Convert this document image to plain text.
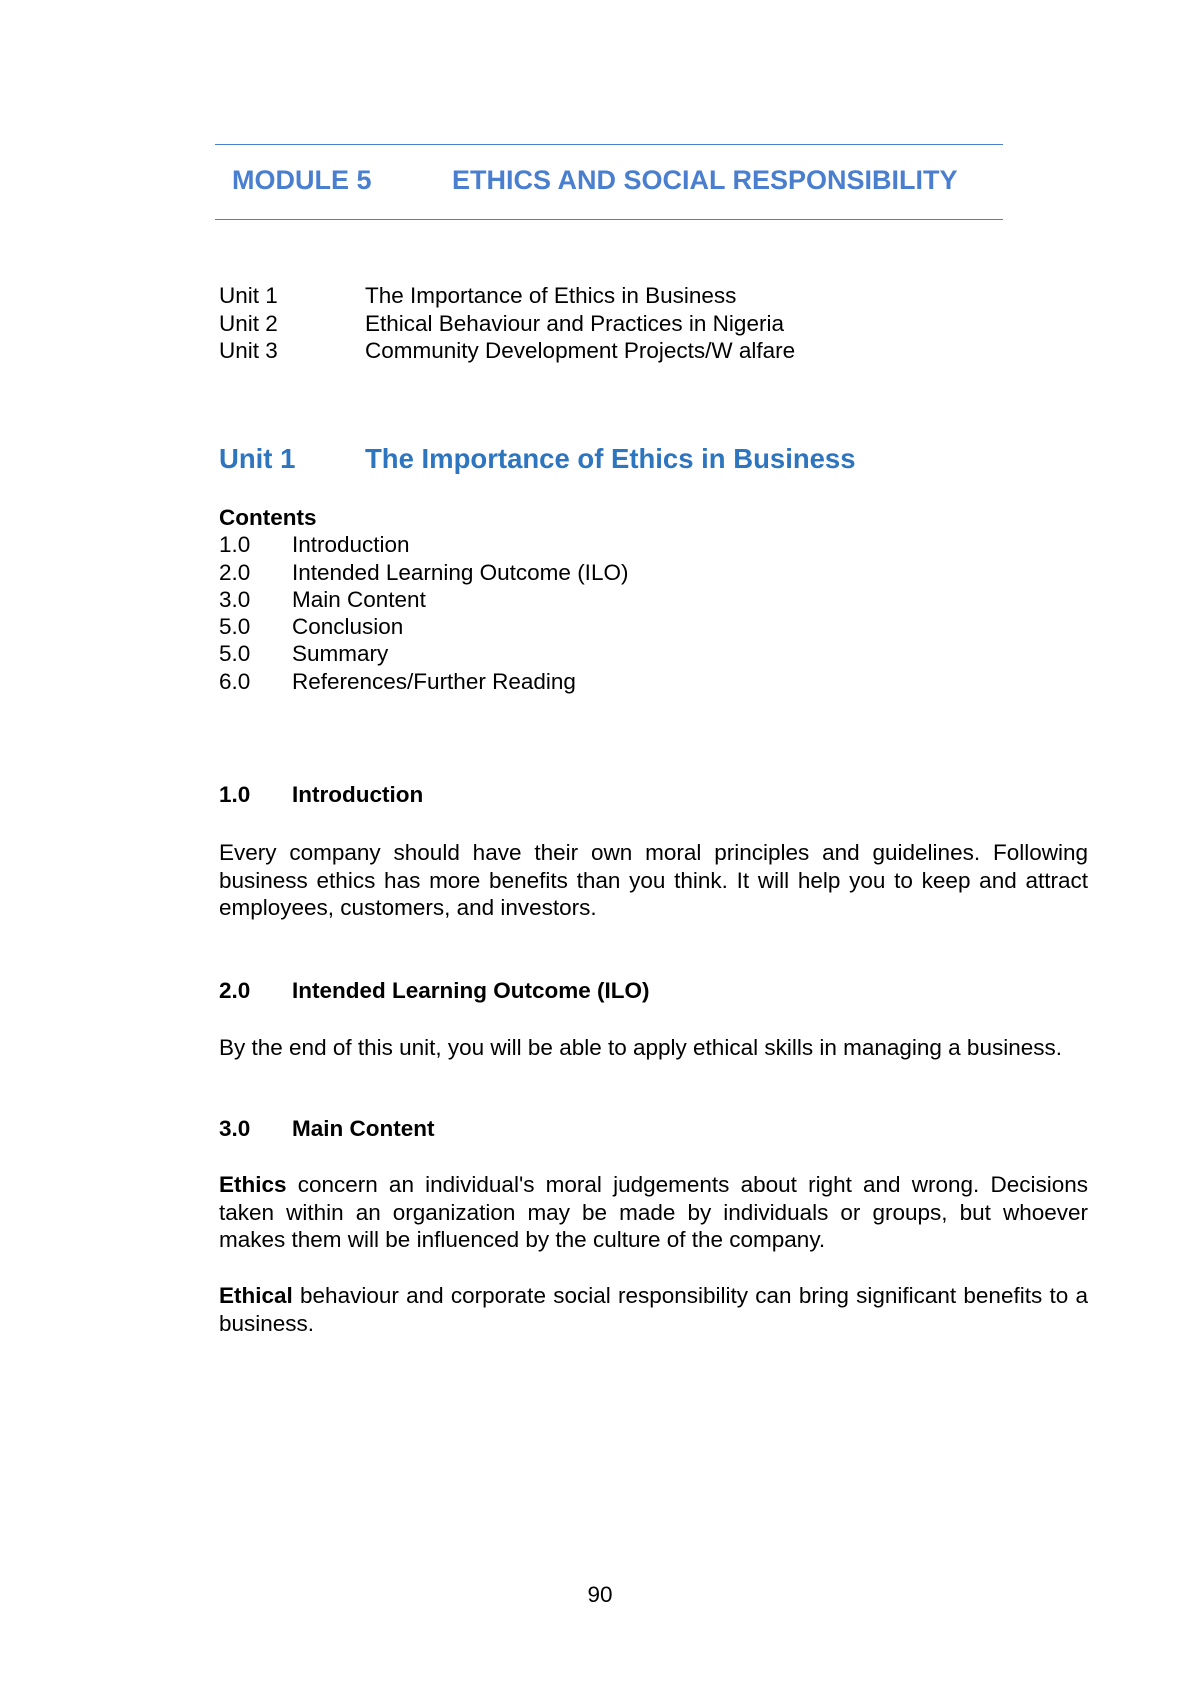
MODULE 5	ETHICS AND SOCIAL RESPONSIBILITY
Unit 1	The Importance of Ethics in Business
Unit 2	Ethical Behaviour and Practices in Nigeria
Unit 3	Community Development Projects/W alfare
Unit 1	The Importance of Ethics in Business
Contents
1.0	Introduction
2.0	Intended Learning Outcome (ILO)
3.0	Main Content
5.0	Conclusion
5.0	Summary
6.0	References/Further Reading
1.0	Introduction
Every company should have their own moral principles and guidelines. Following business ethics has more benefits than you think. It will help you to keep and attract employees, customers, and investors.
2.0	Intended Learning Outcome (ILO)
By the end of this unit, you will be able to apply ethical skills in managing a business.
3.0	Main Content
Ethics concern an individual's moral judgements about right and wrong. Decisions taken within an organization may be made by individuals or groups, but whoever makes them will be influenced by the culture of the company.
Ethical behaviour and corporate social responsibility can bring significant benefits to a business.
90
